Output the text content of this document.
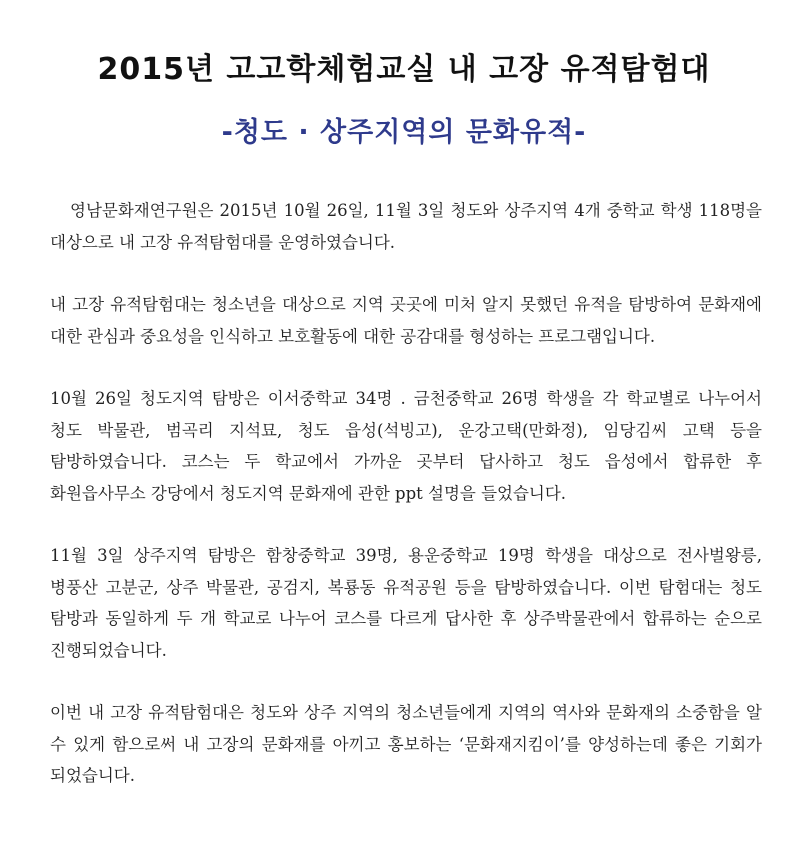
2015년 고고학체험교실 내 고장 유적탐험대
-청도 · 상주지역의 문화유적-

영남문화재연구원은 2015년 10월 26일, 11월 3일 청도와 상주지역 4개 중학교 학생 118명을 대상으로 내 고장 유적탐험대를 운영하였습니다.

내 고장 유적탐험대는 청소년을 대상으로 지역 곳곳에 미처 알지 못했던 유적을 탐방하여 문화재에 대한 관심과 중요성을 인식하고 보호활동에 대한 공감대를 형성하는 프로그램입니다.

10월 26일 청도지역 탐방은 이서중학교 34명 . 금천중학교 26명 학생을 각 학교별로 나누어서 청도 박물관, 범곡리 지석묘, 청도 읍성(석빙고), 운강고택(만화정), 임당김씨 고택 등을 탐방하였습니다. 코스는 두 학교에서 가까운 곳부터 답사하고 청도 읍성에서 합류한 후 화원읍사무소 강당에서 청도지역 문화재에 관한 ppt 설명을 들었습니다.

11월 3일 상주지역 탐방은 함창중학교 39명, 용운중학교 19명 학생을 대상으로 전사벌왕릉, 병풍산 고분군, 상주 박물관, 공검지, 복룡동 유적공원 등을 탐방하였습니다. 이번 탐험대는 청도 탐방과 동일하게 두 개 학교로 나누어 코스를 다르게 답사한 후 상주박물관에서 합류하는 순으로 진행되었습니다.

이번 내 고장 유적탐험대은 청도와 상주 지역의 청소년들에게 지역의 역사와 문화재의 소중함을 알 수 있게 함으로써 내 고장의 문화재를 아끼고 홍보하는 ‘문화재지킴이’를 양성하는데 좋은 기회가 되었습니다.
